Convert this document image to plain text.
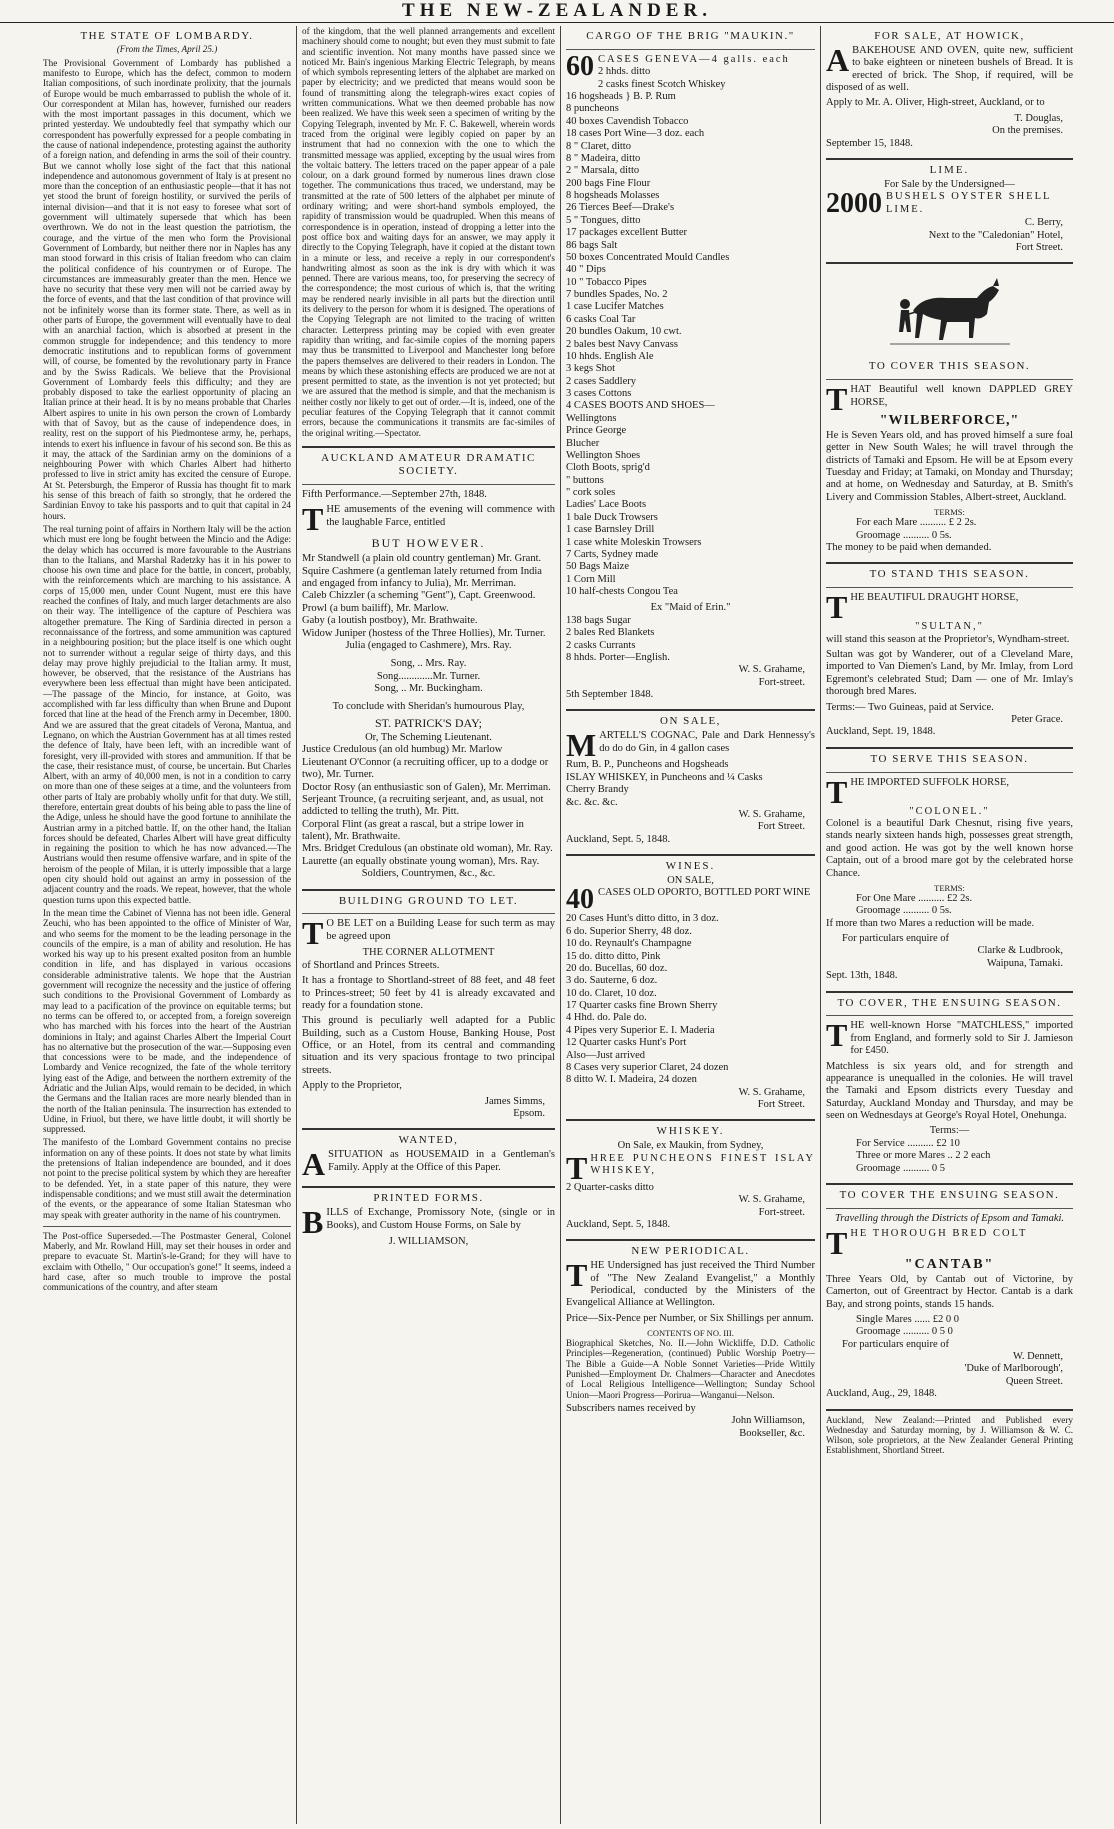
THE NEW-ZEALANDER.
THE STATE OF LOMBARDY.
(From the Times, April 25.)

The Provisional Government of Lombardy has published a manifesto to Europe, which has the defect, common to modern Italian compositions, of such inordinate prolixity, that the journals of Europe would be much embarrassed to publish the whole of it. Our correspondent at Milan has, however, furnished our readers with the most important passages in this document, which we printed yesterday. We undoubtedly feel that sympathy which our correspondent has powerfully expressed for a people combating in the cause of national independence, protesting against the authority of a foreign nation, and defending in arms the soil of their country. But we cannot wholly lose sight of the fact that this national independence and autonomous government of Italy is at present no more than the conception of an enthusiastic people—that it has not yet stood the brunt of foreign hostility, or survived the perils of internal division—and that it is not easy to foresee what sort of government will ultimately supersede that which has been overthrown. We do not in the least question the patriotism, the courage, and the virtue of the men who form the Provisional Government of Lombardy, but neither there nor in Naples has any man stood forward in this crisis of Italian freedom who can claim the political confidence of his countrymen or of Europe. The circumstances are immeasurably greater than the men. Hence we have no security that these very men will not be carried away by the force of events, and that the last condition of that province will not be infinitely worse than its former state. There, as well as in other parts of Europe, the government will eventually have to deal with an anarchial faction, which is absorbed at present in the common struggle for independence; and this tendency to more democratic institutions and to republican forms of government will, of course, be fomented by the revolutionary party in France and by the Swiss Radicals. We believe that the Provisional Government of Lombardy feels this difficulty; and they are probably disposed to take the earliest opportunity of placing an Italian prince at their head. It is by no means probable that Charles Albert aspires to unite in his own person the crown of Lombardy with that of Savoy, but as the cause of independence does, in reality, rest on the support of his Piedmontese army, he, perhaps, intends to exert his influence in favour of his second son. Be this as it may, the attack of the Sardinian army on the dominions of a neighbouring Power with which Charles Albert had hitherto professed to live in strict amity has excited the censure of Europe. At St. Petersburgh, the Emperor of Russia has thought fit to mark his sense of this breach of faith so strongly, that he ordered the Sardinian Envoy to take his passports and to quit that capital in 24 hours.

The real turning point of affairs in Northern Italy will be the action which must ere long be fought between the Mincio and the Adige: the delay which has occurred is more favourable to the Austrians than to the Italians, and Marshal Radetzky has it in his power to choose his own time and place for the battle, in concert, probably, with the reinforcements which are marching to his assistance. A corps of 15,000 men, under Count Nugent, must ere this have reached the confines of Italy, and much larger detachments are also on their way. The intelligence of the capture of Peschiera was altogether premature. The King of Sardinia directed in person a reconnaissance of the fortress, and some ammunition was captured in a neighbouring position; but the place itself is one which ought not to surrender without a regular seige of thirty days, and this delay may prove highly prejudicial to the Italian army. It must, however, be observed, that the resistance of the Austrians has everywhere been less effectual than might have been anticipated.—The passage of the Mincio, for instance, at Goito, was accomplished with far less difficulty than when Brune and Dupont forced that line at the head of the French army in December, 1800. And we are assured that the great citadels of Verona, Mantua, and Legnano, on which the Austrian Government has at all times rested the defence of Italy, have been left, with an incredible want of foresight, very ill-provided with stores and ammunition. If that be the case, their resistance must, of course, be uncertain. But Charles Albert, with an army of 40,000 men, is not in a condition to carry on more than one of these seiges at a time, and the volunteers from other parts of Italy are probably wholly unfit for that duty. We still, therefore, entertain great doubts of his being able to pass the line of the Adige, unless he should have the good fortune to annihilate the Austrian army in a pitched battle. If, on the other hand, the Italian forces should be defeated, Charles Albert will have great difficulty in regaining the position to which he has now advanced.—The Austrians would then resume offensive warfare, and in spite of the heroism of the people of Milan, it is utterly impossible that a large open city should hold out against an army in possession of the adjacent country and the roads. We repeat, however, that the whole question turns upon this expected battle.

In the mean time the Cabinet of Vienna has not been idle. General Zeuchi, who has been appointed to the office of Minister of War, and who seems for the moment to be the leading personage in the councils of the empire, is a man of ability and resolution. He has worked his way up to his present exalted positon from an humble condition in life, and has displayed in various occasions considerable administrative talents. We hope that the Austrian government will recognize the necessity and the justice of offering such conditions to the Provisional Government of Lombardy as may lead to a pacification of the province on equitable terms; but no terms can be offered to, or accepted from, a foreign sovereign who has marched with his forces into the heart of the Austrian dominions in Italy; and against Charles Albert the Imperial Court has no alternative but the prosecution of the war.—Supposing even that concessions were to be made, and the independence of Lombardy and Venice recognized, the fate of the whole territory lying east of the Adige, and between the northern extremity of the Adriatic and the Julian Alps, would remain to be decided, in which the Germans and the Italian races are more nearly blended than in the north of the Italian peninsula. The insurrection has extended to Udine, in Friuol, but there, we have little doubt, it will shortly be suppressed.

The manifesto of the Lombard Government contains no precise information on any of these points. It does not state by what limits the pretensions of Italian independence are bounded, and it does not point to the precise political system by which they are hereafter to be defended. Yet, in a state paper of this nature, they were indispensable conditions; and we must still await the determination of the events, or the appearance of some Italian Statesman who may speak with greater authority in the name of his countrymen.

The Post-office Superseded.—The Postmaster General, Colonel Maberly, and Mr. Rowland Hill, may set their houses in order and prepare to evacuate St. Martin's-le-Grand; for they will have to exclaim with Othello, " Our occupation's gone!" It seems, indeed a hard case, after so much trouble to improve the postal communications of the country, and after steam

of the kingdom, that the well planned arrangements and excellent machinery should come to nought; but even they must submit to fate and scientific invention. Not many months have passed since we noticed Mr. Bain's ingenious Marking Electric Telegraph, by means of which symbols representing letters of the alphabet are marked on paper by electricity; and we predicted that means would soon be found of transmitting along the telegraph-wires exact copies of written communications. What we then deemed probable has now been realized. We have this week seen a specimen of writing by the Copying Telegraph, invented by Mr. F. C. Bakewell, wherein words traced from the original were legibly copied on paper by an instrument that had no connexion with the one to which the transmitted message was applied, excepting by the usual wires from the voltaic battery. The letters traced on the paper appear of a pale colour, on a dark ground formed by numerous lines drawn close together. The communications thus traced, we understand, may be transmitted at the rate of 500 letters of the alphabet per minute of ordinary writing; and were short-hand symbols employed, the rapidity of transmission would be quadrupled. When this means of correspondence is in operation, instead of dropping a letter into the post office box and waiting days for an answer, we may apply it directly to the Copying Telegraph, have it copied at the distant town in a minute or less, and receive a reply in our correspondent's handwriting almost as soon as the ink is dry with which it was penned. There are various means, too, for preserving the secrecy of the correspondence; the most curious of which is, that the writing may be rendered nearly invisible in all parts but the direction until its delivery to the person for whom it is designed. The operations of the Copying Telegraph are not limited to the tracing of written character. Letterpress printing may be copied with even greater rapidity than writing, and fac-simile copies of the morning papers may thus be transmitted to Liverpool and Manchester long before the papers themselves are delivered to their readers in London. The means by which these astonishing effects are produced we are not at present permitted to state, as the invention is not yet protected; but we are assured that the method is simple, and that the mechanism is neither costly nor likely to get out of order.—It is, indeed, one of the peculiar features of the Copying Telegraph that it cannot commit errors, because the communications it transmits are fac-similes of the original writing.—Spectator.

AUCKLAND AMATEUR DRAMATIC SOCIETY.

Fifth Performance.—September 27th, 1848.

THE amusements of the evening will commence with the laughable Farce, entitled

BUT HOWEVER.
Mr Standwell (a plain old country gentleman) Mr. Grant.
Squire Cashmere (a gentleman lately returned from India and engaged from infancy to Julia), Mr. Merriman.
Caleb Chizzler (a scheming "Gent"), Capt. Greenwood.
Prowl (a bum bailiff), Mr. Marlow.
Gaby (a loutish postboy), Mr. Brathwaite.
Widow Juniper (hostess of the Three Hollies), Mr. Turner.
Julia (engaged to Cashmere), Mrs. Ray.
Song, .. Mrs. Ray.
Song.............Mr. Turner.
Song, .. Mr. Buckingham.
To conclude with Sheridan's humourous Play,
ST. PATRICK'S DAY;
Or, The Scheming Lieutenant.
Justice Credulous (an old humbug) Mr. Marlow
Lieutenant O'Connor (a recruiting officer, up to a dodge or two), Mr. Turner.
Doctor Rosy (an enthusiastic son of Galen), Mr. Merriman.
Serjeant Trounce, (a recruiting serjeant, and, as usual, not addicted to telling the truth), Mr. Pitt.
Corporal Flint (as great a rascal, but a stripe lower in talent), Mr. Brathwaite.
Mrs. Bridget Credulous (an obstinate old woman), Mr. Ray.
Laurette (an equally obstinate young woman), Mrs. Ray.
Soldiers, Countrymen, &c., &c.
BUILDING GROUND TO LET.

T O BE LET on a Building Lease for such term as may be agreed upon

THE CORNER ALLOTMENT

of Shortland and Princes Streets.

It has a frontage to Shortland-street of 88 feet, and 48 feet to Princes-street; 50 feet by 41 is already excavated and ready for a foundation stone.

This ground is peculiarly well adapted for a Public Building, such as a Custom House, Banking House, Post Office, or an Hotel, from its central and commanding situation and its very spacious frontage to two principal streets.

Apply to the Proprietor,

James Simms,
Epsom.
WANTED,

ASITUATION as HOUSEMAID in a Gentleman's Family. Apply at the Office of this Paper.

PRINTED FORMS.

BILLS of Exchange, Promissory Note, (single or in Books), and Custom House Forms, on Sale by

J. WILLIAMSON,
CARGO OF THE BRIG "MAUKIN."
60 CASES GENEVA—4 galls. each
2 hhds. ditto
2 casks finest Scotch Whiskey
16 hogsheads } B. P. Rum
8 puncheons
40 boxes Cavendish Tobacco
18 cases Port Wine—3 doz. each
8 " Claret, ditto
8 " Madeira, ditto
2 " Marsala, ditto
200 bags Fine Flour
8 hogsheads Molasses
26 Tierces Beef—Drake's
5 " Tongues, ditto
17 packages excellent Butter
86 bags Salt
50 boxes Concentrated Mould Candles
40 " Dips
10 " Tobacco Pipes
7 bundles Spades, No. 2
1 case Lucifer Matches
6 casks Coal Tar
20 bundles Oakum, 10 cwt.
2 bales best Navy Canvass
10 hhds. English Ale
3 kegs Shot
2 cases Saddlery
3 cases Cottons
4 CASES BOOTS AND SHOES—
Wellingtons
Prince George
Blucher
Wellington Shoes
Cloth Boots, sprig'd
" buttons
" cork soles
Ladies' Lace Boots
1 bale Duck Trowsers
1 case Barnsley Drill
1 case white Moleskin Trowsers
7 Carts, Sydney made
50 Bags Maize
1 Corn Mill
10 half-chests Congou Tea
Ex "Maid of Erin."
138 bags Sugar
2 bales Red Blankets
2 casks Currants
8 hhds. Porter—English.
W. S. Grahame,
Fort-street.
5th September 1848.
ON SALE,

MARTELL'S COGNAC, Pale and Dark Hennessy's do do do Gin, in 4 gallon cases

Rum, B. P., Puncheons and Hogsheads
ISLAY WHISKEY, in Puncheons and ¼ Casks
Cherry Brandy
&c. &c. &c.
W. S. Grahame,
Fort Street.
Auckland, Sept. 5, 1848.
WINES.
ON SALE,
40 CASES OLD OPORTO, BOTTLED PORT WINE
20 Cases Hunt's ditto ditto, in 3 doz.
6 do. Superior Sherry, 48 doz.
10 do. Reynault's Champagne
15 do. ditto ditto, Pink
20 do. Bucellas, 60 doz.
3 do. Sauterne, 6 doz.
10 do. Claret, 10 doz.
17 Quarter casks fine Brown Sherry
4 Hhd. do. Pale do.
4 Pipes very Superior E. I. Maderia
12 Quarter casks Hunt's Port
Also—Just arrived
8 Cases very superior Claret, 24 dozen
8 ditto W. I. Madeira, 24 dozen
W. S. Grahame,
Fort Street.
WHISKEY.
On Sale, ex Maukin, from Sydney,

THREE PUNCHEONS FINEST ISLAY WHISKEY,

2 Quarter-casks ditto
W. S. Grahame,
Fort-street.
Auckland, Sept. 5, 1848.
NEW PERIODICAL.

THE Undersigned has just received the Third Number of "The New Zealand Evangelist," a Monthly Periodical, conducted by the Ministers of the Evangelical Alliance at Wellington.

Price—Six-Pence per Number, or Six Shillings per annum.

CONTENTS OF NO. III.

Biographical Sketches, No. II.—John Wickliffe, D.D. Catholic Principles—Regeneration, (continued) Public Worship Poetry—The Bible a Guide—A Noble Sonnet Varieties—Pride Wittily Punished—Employment Dr. Chalmers—Character and Anecdotes of Local Religious Intelligence—Wellington; Sunday School Union—Maori Progress—Porirua—Wanganui—Nelson.

Subscribers names received by
John Williamson,
Bookseller, &c.
FOR SALE, AT HOWICK,

ABAKEHOUSE AND OVEN, quite new, sufficient to bake eighteen or nineteen bushels of Bread. It is erected of brick. The Shop, if required, will be disposed of as well.

Apply to Mr. A. Oliver, High-street, Auckland, or to

T. Douglas,
On the premises.
September 15, 1848.
LIME.
For Sale by the Undersigned—
2000 BUSHELS OYSTER SHELL LIME.
C. Berry,
Next to the "Caledonian" Hotel,
Fort Street.
TO COVER THIS SEASON.

THAT Beautiful well known DAPPLED GREY HORSE,

"WILBERFORCE,"

He is Seven Years old, and has proved himself a sure foal getter in New South Wales; he will travel through the districts of Tamaki and Epsom. He will be at Epsom every Tuesday and Friday; at Tamaki, on Monday and Thursday; and at home, on Wednesday and Saturday, at B. Smith's Livery and Commission Stables, Albert-street, Auckland.

TERMS:
For each Mare .......... £ 2 2s.
Groomage .......... 0 5s.
The money to be paid when demanded.
TO STAND THIS SEASON.

THE BEAUTIFUL DRAUGHT HORSE,

"SULTAN,"

will stand this season at the Proprietor's, Wyndham-street.

Sultan was got by Wanderer, out of a Cleveland Mare, imported to Van Diemen's Land, by Mr. Imlay, from Lord Egremont's celebrated Stud; Dam — one of Mr. Imlay's thorough bred Mares.

Terms:— Two Guineas, paid at Service.
Peter Grace.
Auckland, Sept. 19, 1848.
TO SERVE THIS SEASON.

THE IMPORTED SUFFOLK HORSE,

"COLONEL."

Colonel is a beautiful Dark Chesnut, rising five years, stands nearly sixteen hands high, possesses great strength, and good action. He was got by the well known horse Captain, out of a brood mare got by the celebrated horse Chance.

TERMS:
For One Mare .......... £2 2s.
Groomage .......... 0 5s.

If more than two Mares a reduction will be made.

For particulars enquire of
Clarke & Ludbrook,
Waipuna, Tamaki.
Sept. 13th, 1848.
TO COVER, THE ENSUING SEASON.

THE well-known Horse "MATCHLESS," imported from England, and formerly sold to Sir J. Jamieson for £450.

Matchless is six years old, and for strength and appearance is unequalled in the colonies. He will travel the Tamaki and Epsom districts every Tuesday and Saturday, Auckland Monday and Thursday, and may be seen on Wednesdays at George's Royal Hotel, Onehunga.

Terms:—
For Service .......... £2 10
Three or more Mares .. 2 2 each
Groomage .......... 0 5
TO COVER THE ENSUING SEASON.
Travelling through the Districts of Epsom and Tamaki.

THE THOROUGH BRED COLT

"CANTAB"

Three Years Old, by Cantab out of Victorine, by Camerton, out of Greentract by Hector. Cantab is a dark Bay, and strong points, stands 15 hands.

Single Mares ...... £2 0 0
Groomage .......... 0 5 0
For particulars enquire of
W. Dennett,
'Duke of Marlborough',
Queen Street.
Auckland, Aug., 29, 1848.

Auckland, New Zealand:—Printed and Published every Wednesday and Saturday morning, by J. Williamson & W. C. Wilson, sole proprietors, at the New Zealander General Printing Establishment, Shortland Street.
